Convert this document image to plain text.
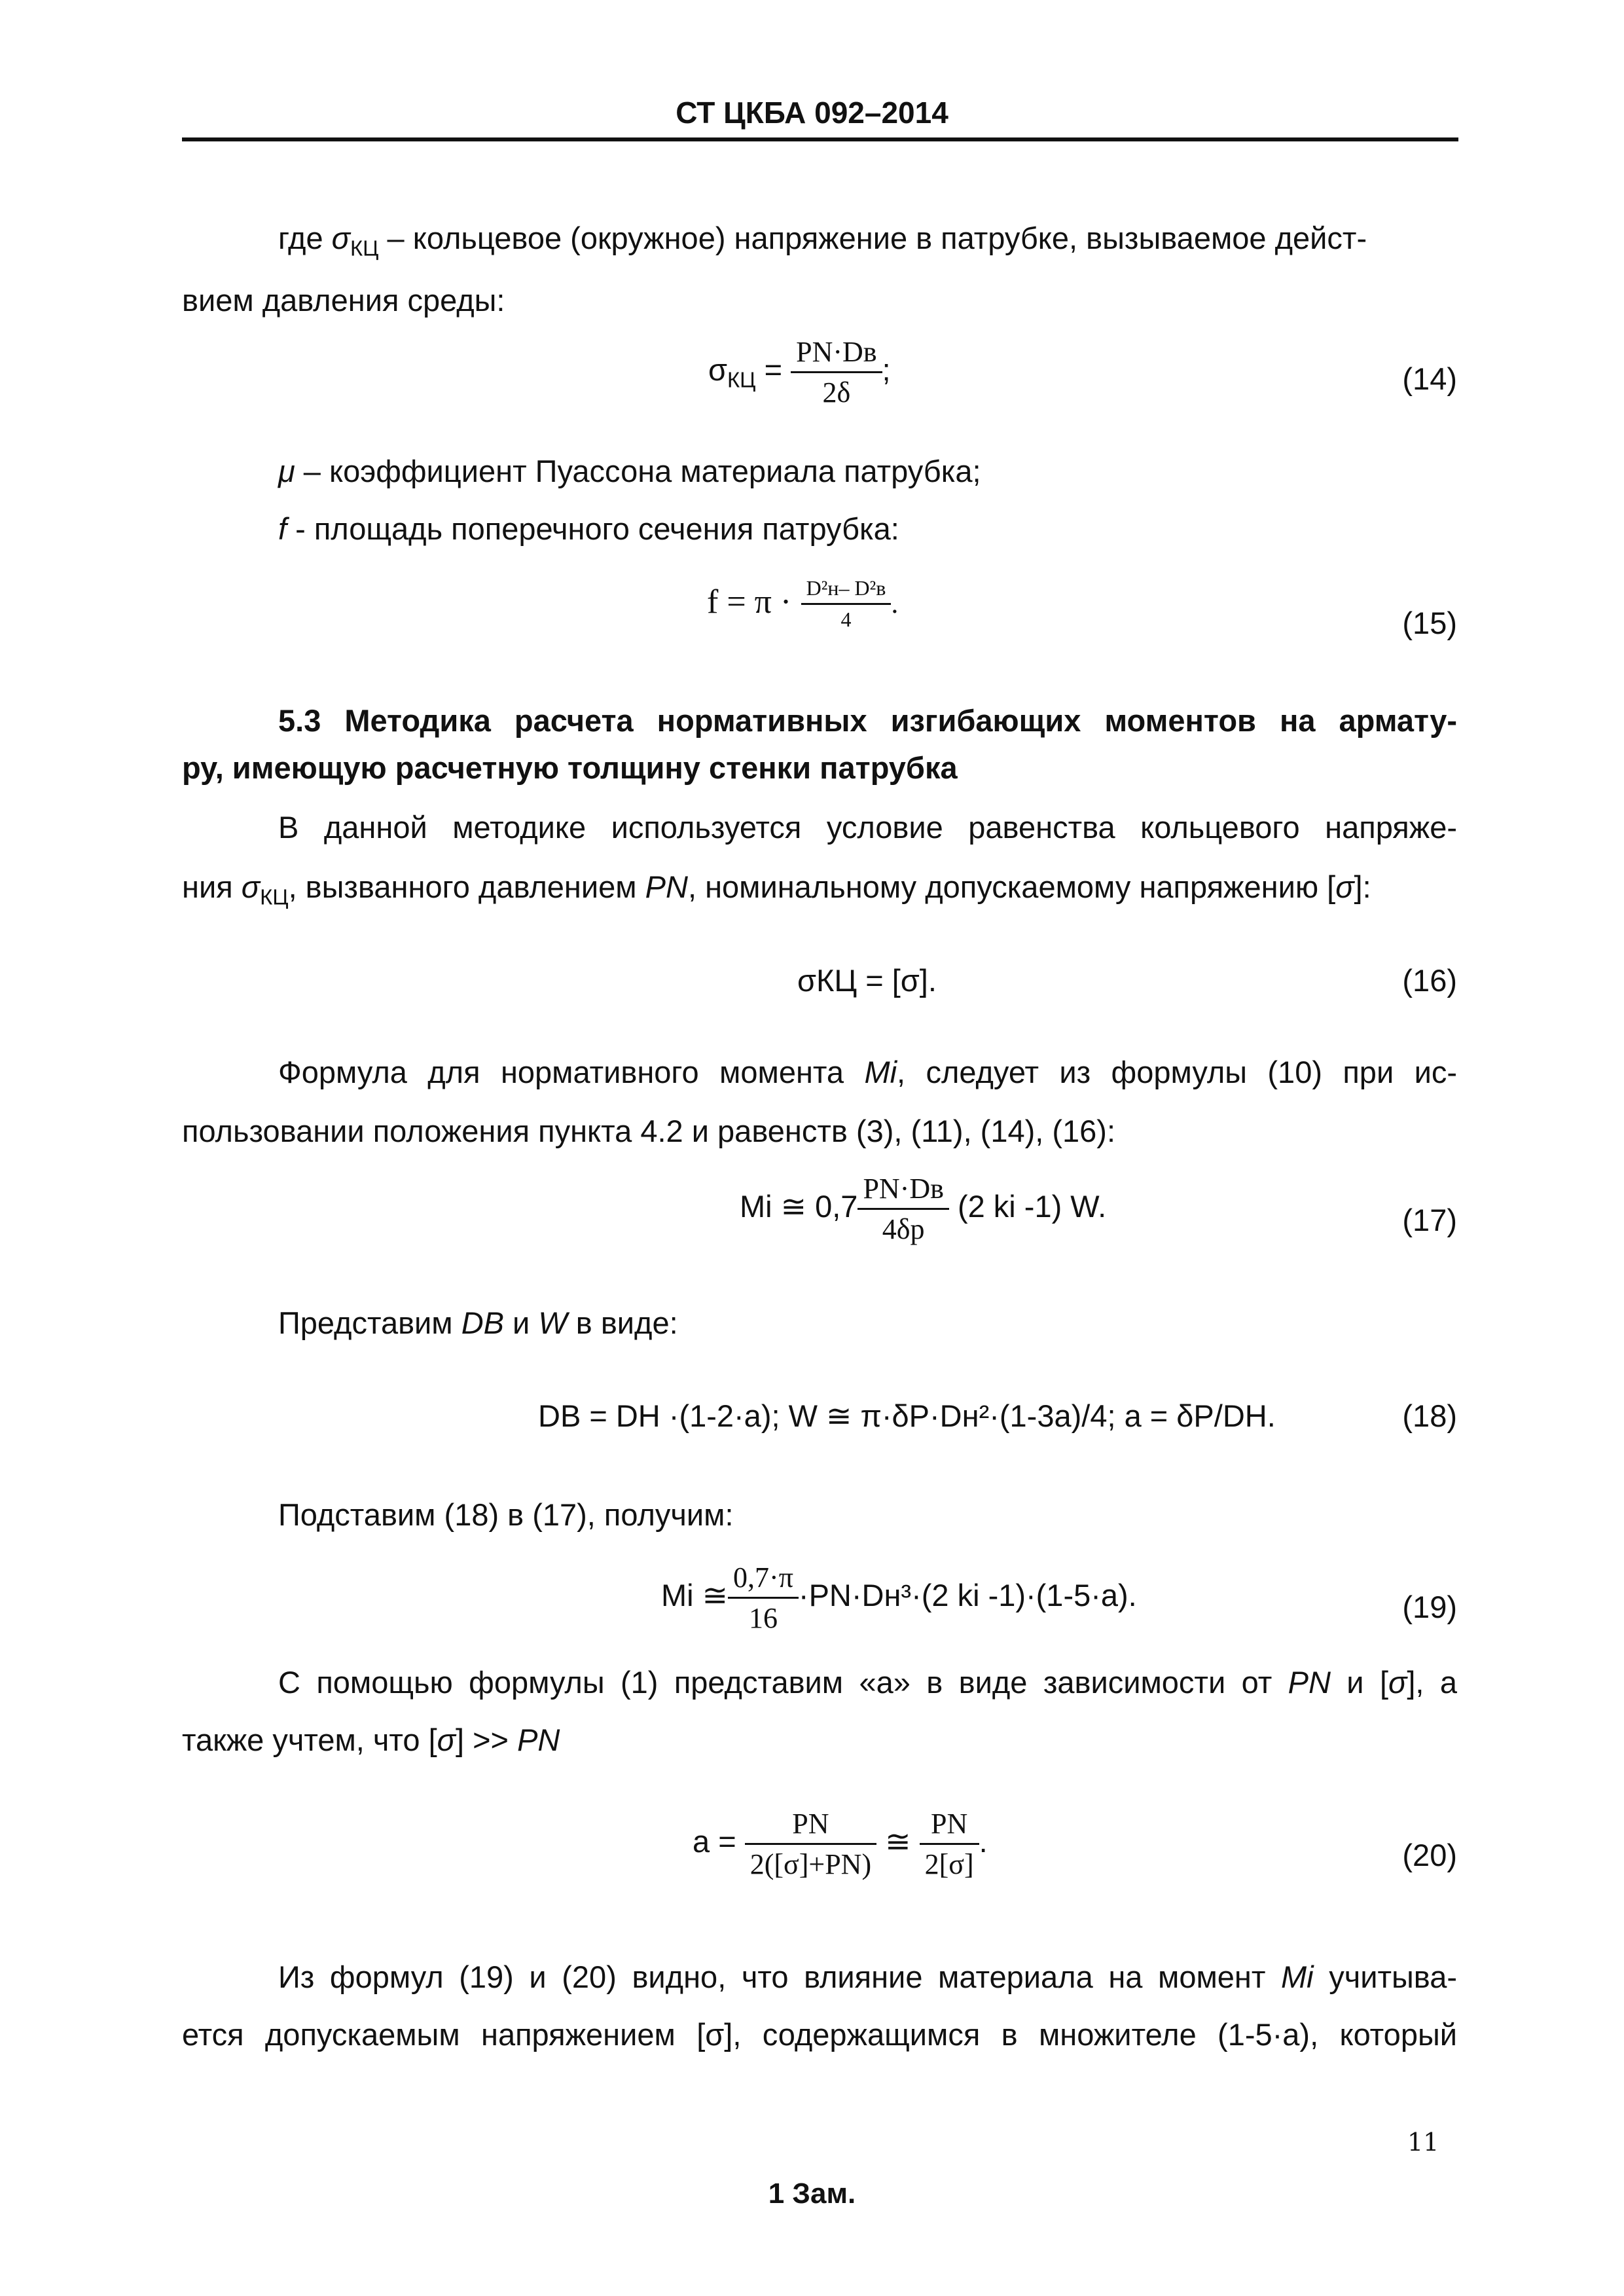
СТ ЦКБА 092–2014
где $\sigma_{КЦ}$ – кольцевое (окружное) напряжение в патрубке, вызываемое дейст-
вием давления среды:
$\sigma_{КЦ} = \frac{PN\cdot Dв}{2\delta}$ ;	(14)
μ – коэффициент Пуассона материала патрубка;
f - площадь поперечного сечения патрубка:
$f = \pi \cdot \frac{\text{D²н– D²в}}{4}$ .
(15)
5.3 Методика расчета нормативных изгибающих моментов на армату-
ру, имеющую расчетную толщину стенки патрубка
В данной методике используется условие равенства кольцевого напряже-
ния $\sigma_{КЦ}$, вызванного давлением PN, номинальному допускаемому напряжению [σ]:
σКЦ = [σ].	(16)
Формула для нормативного момента Mi, следует из формулы (10) при ис-
пользовании положения пункта 4.2 и равенств (3), (11), (14), (16):
Mi ≅ $0,7 \frac{PN\cdot Dв}{4\delta p} (2$ ki -1) W.	(17)
Представим DB и W в виде:
DB = DН ·(1-2·а); W ≅ π·δР·Dн²·(1-3а)/4; а = δР/DН.	(18)
Подставим (18) в (17), получим:
Mi ≅ $\frac{0,7\cdot\pi}{16} \cdot PN\cdot Dн^3\cdot(2$ ki -1)·(1-5·а).	(19)
С помощью формулы (1) представим «а» в виде зависимости от PN и [σ], а
также учтем, что [σ] >> PN
$а = \frac{PN}{2([\sigma]+PN)}$ ≅ $\frac{PN}{2[\sigma]}$ .	(20)
Из формул (19) и (20) видно, что влияние материала на момент Mi учитыва-
ется допускаемым напряжением [σ], содержащимся в множителе (1-5·а), который
11
1 Зам.
